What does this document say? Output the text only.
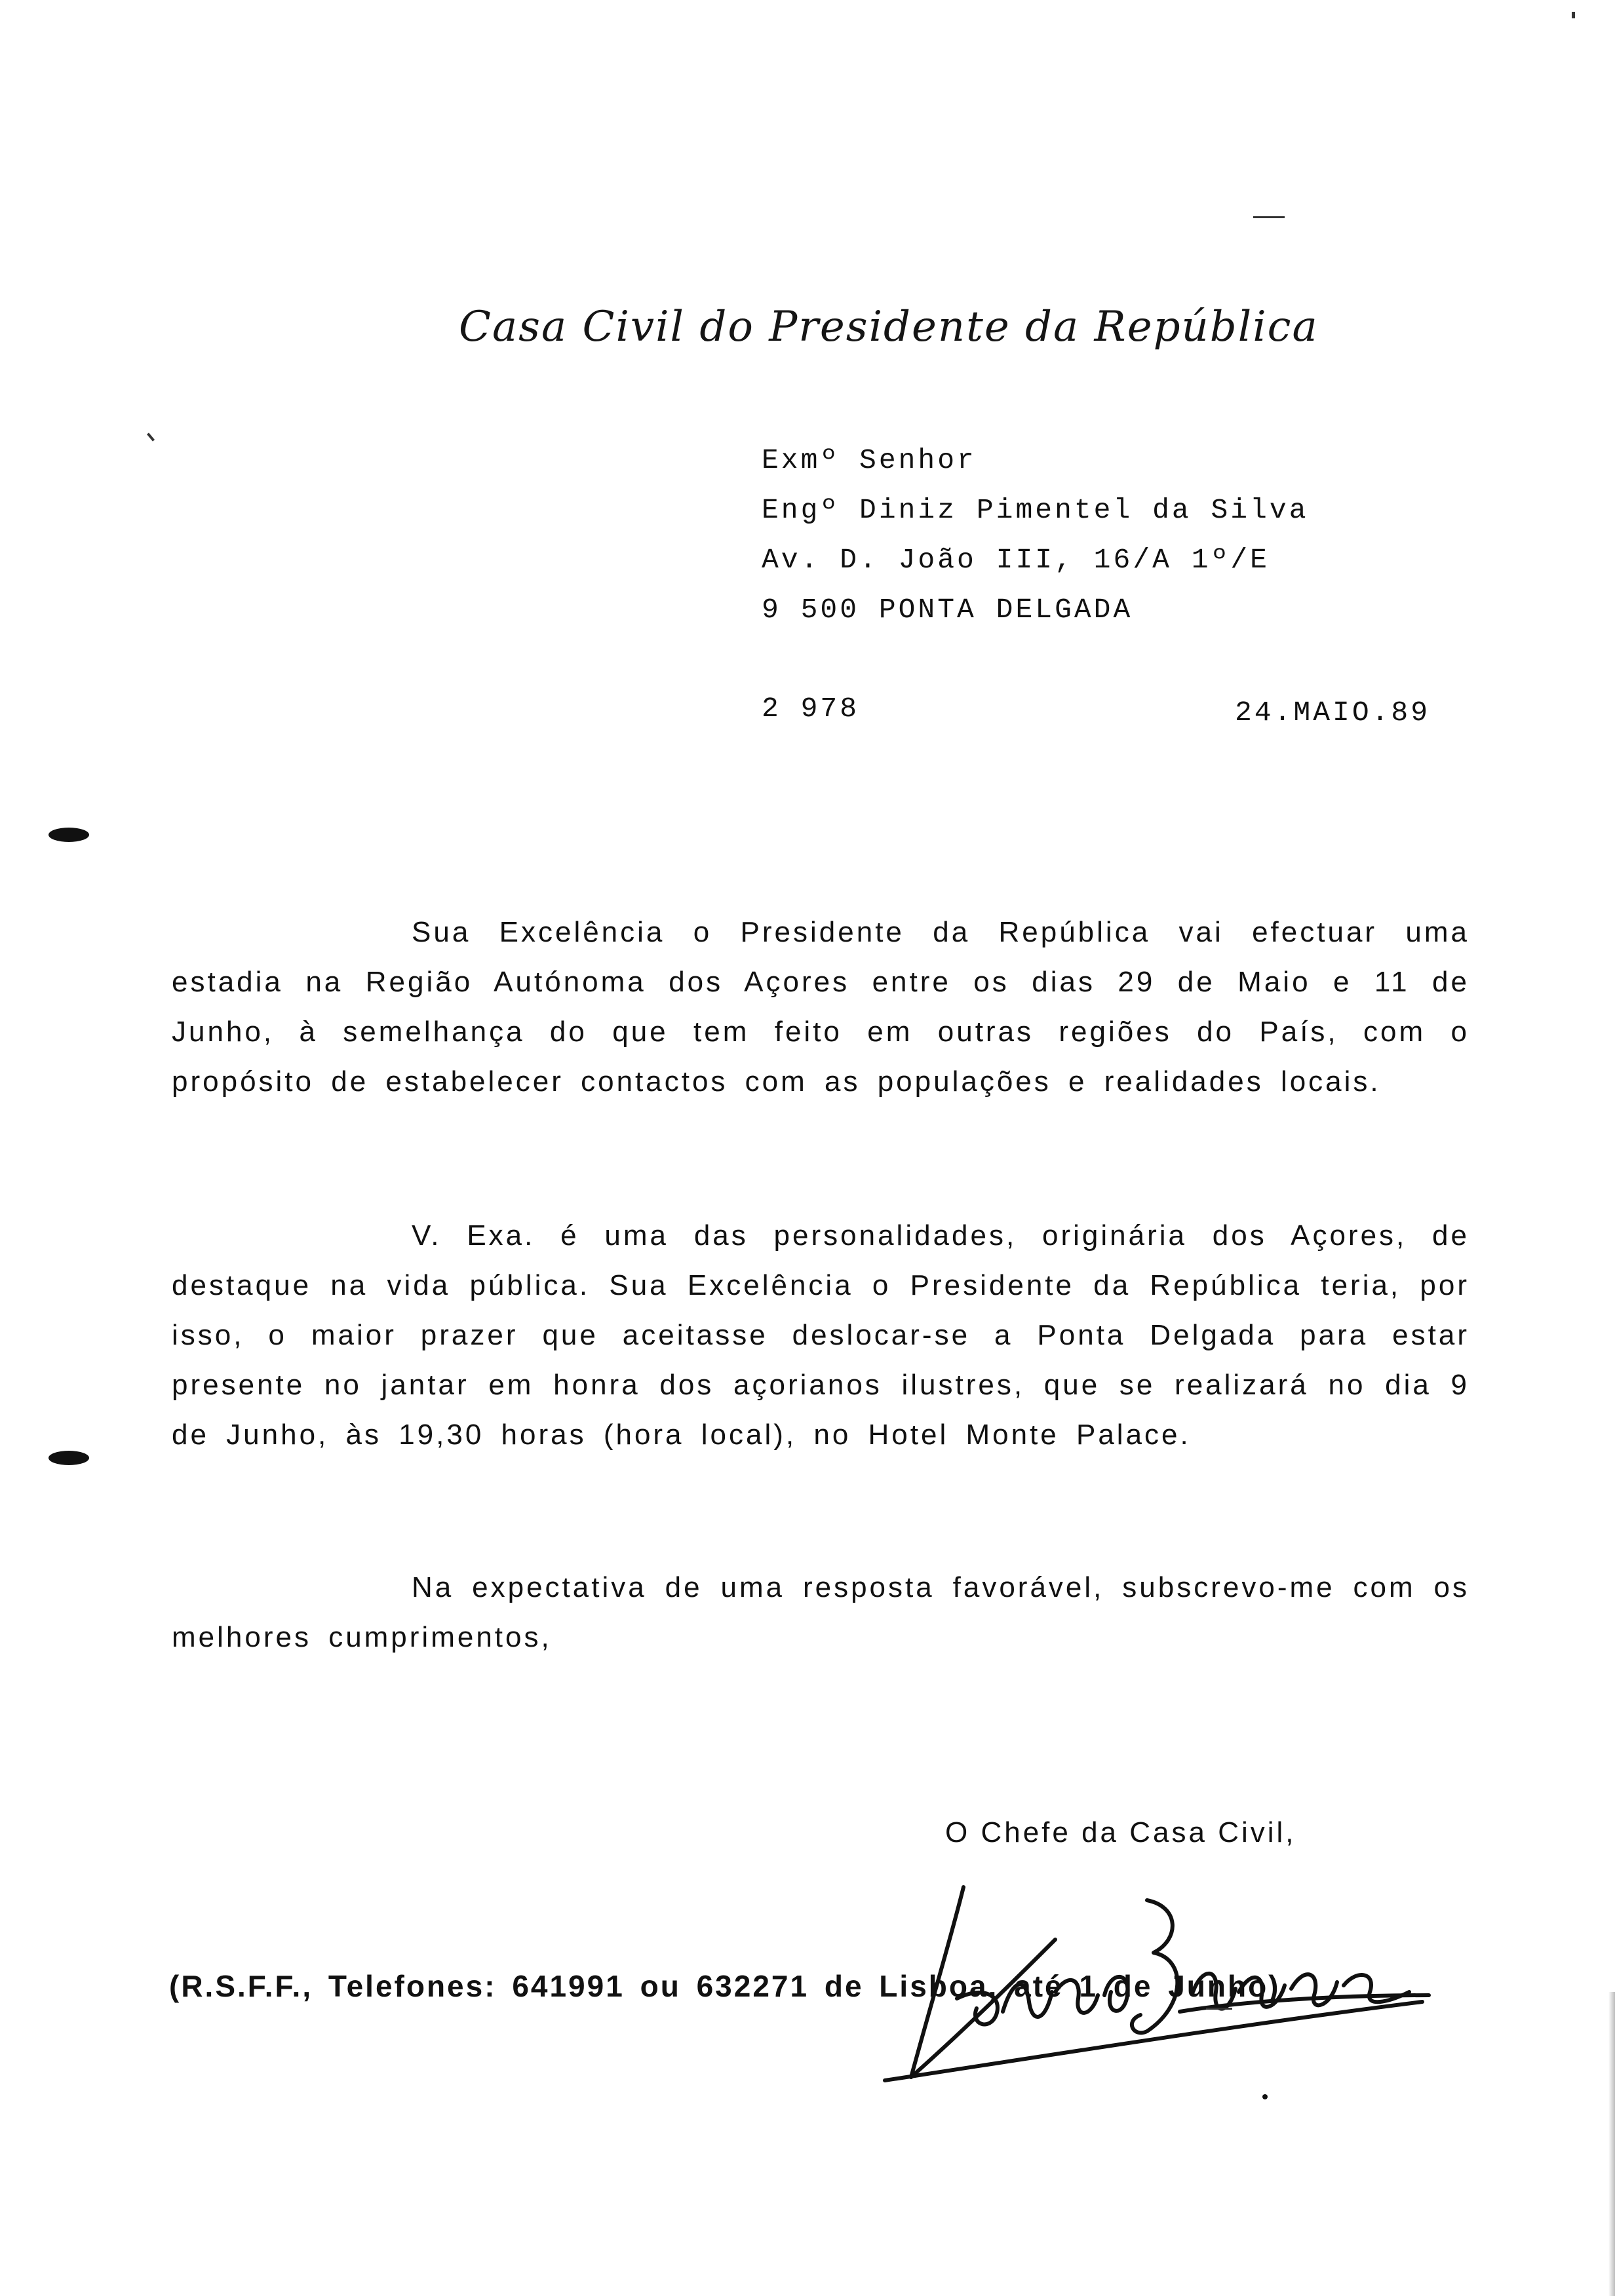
Casa Civil do Presidente da República
Exmº Senhor
Engº Diniz Pimentel da Silva
Av. D. João III, 16/A 1º/E
9 500 PONTA DELGADA
2 978	24.MAIO.89

Sua Excelência o Presidente da República vai efectuar uma estadia na Região Autónoma dos Açores entre os dias 29 de Maio e 11 de Junho, à semelhança do que tem feito em outras regiões do País, com o propósito de estabelecer contactos com as populações e realidades locais.

V. Exa. é uma das personalidades, originária dos Açores, de destaque na vida pública. Sua Excelência o Presidente da República teria, por isso, o maior prazer que aceitasse deslocar-se a Ponta Delgada para estar presente no jantar em honra dos açorianos ilustres, que se realizará no dia 9 de Junho, às 19,30 horas (hora local), no Hotel Monte Palace.

Na expectativa de uma resposta favorável, subscrevo-me com os melhores cumprimentos,

O Chefe da Casa Civil,
(R.S.F.F., Telefones: 641991 ou 632271 de Lisboa, até 1 de Junho)
